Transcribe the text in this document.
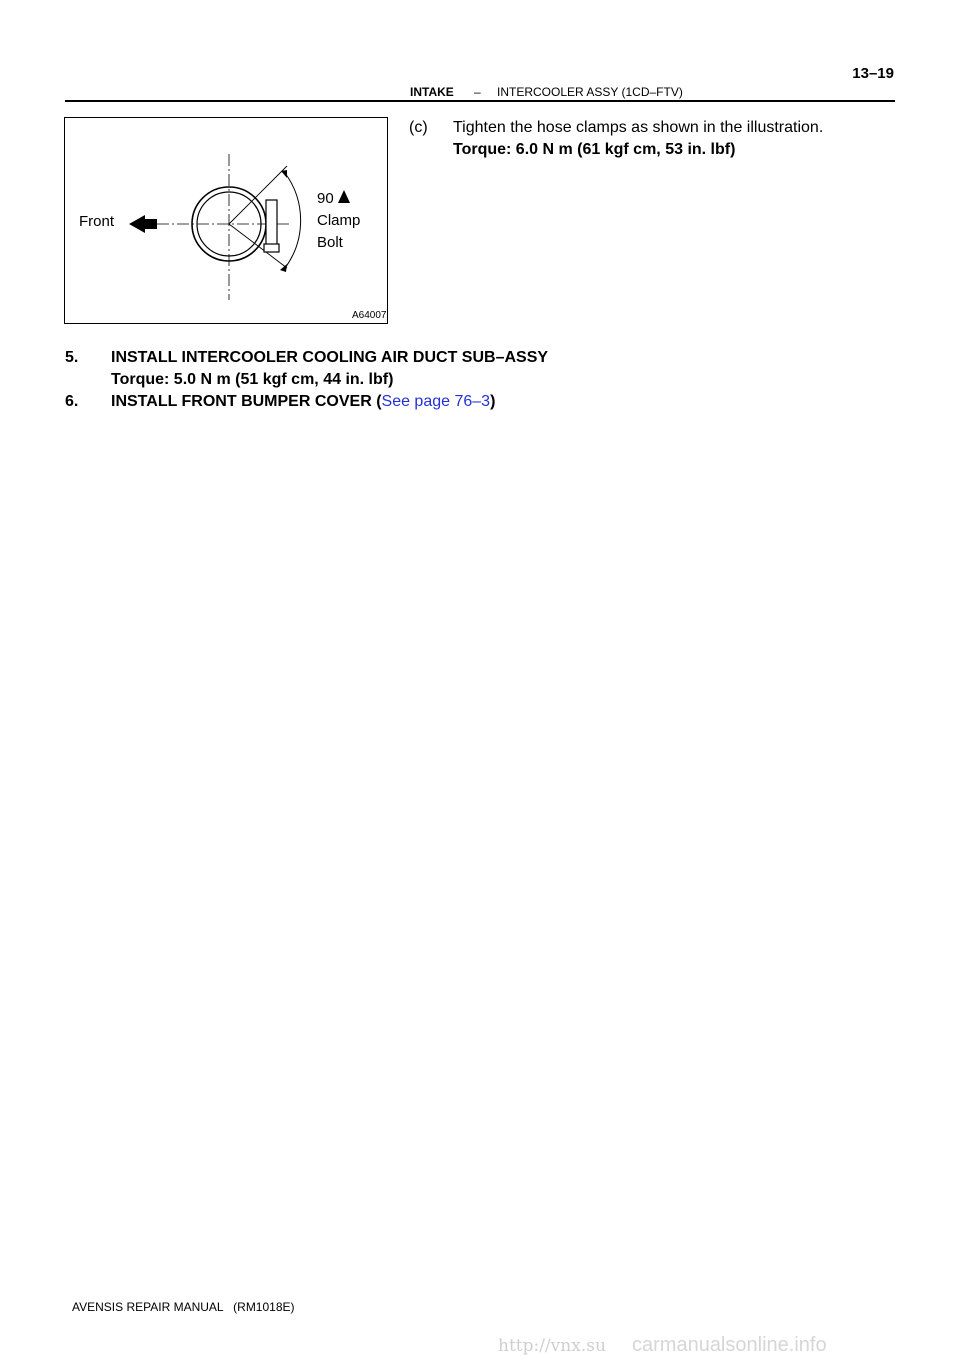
INTAKE – INTERCOOLER ASSY (1CD–FTV)
13–19
Front
90
Clamp
Bolt
A64007
(c) Tighten the hose clamps as shown in the illustration.
Torque: 6.0 N m (61 kgf cm, 53 in. lbf)
5. INSTALL INTERCOOLER COOLING AIR DUCT SUB–ASSY
Torque: 5.0 N m (51 kgf cm, 44 in. lbf)
6. INSTALL FRONT BUMPER COVER (See page 76–3)
AVENSIS REPAIR MANUAL   (RM1018E)
http://vnx.su carmanualsonline.info
